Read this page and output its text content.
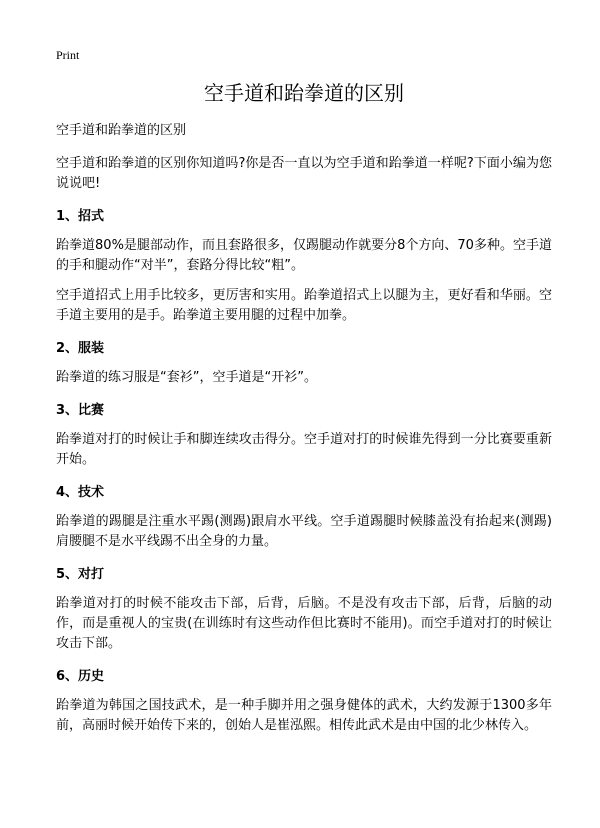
Print
空手道和跆拳道的区别
空手道和跆拳道的区别

空手道和跆拳道的区别你知道吗?你是否一直以为空手道和跆拳道一样呢?下面小编为您说说吧!

1、招式

跆拳道80%是腿部动作，而且套路很多，仅踢腿动作就要分8个方向、70多种。空手道的手和腿动作“对半”，套路分得比较“粗”。

空手道招式上用手比较多，更厉害和实用。跆拳道招式上以腿为主，更好看和华丽。空手道主要用的是手。跆拳道主要用腿的过程中加拳。

2、服装

跆拳道的练习服是“套衫”，空手道是“开衫”。

3、比赛

跆拳道对打的时候让手和脚连续攻击得分。空手道对打的时候谁先得到一分比赛要重新开始。

4、技术

跆拳道的踢腿是注重水平踢(测踢)跟肩水平线。空手道踢腿时候膝盖没有抬起来(测踢)肩腰腿不是水平线踢不出全身的力量。

5、对打

跆拳道对打的时候不能攻击下部，后背，后脑。不是没有攻击下部，后背，后脑的动作，而是重视人的宝贵(在训练时有这些动作但比赛时不能用)。而空手道对打的时候让攻击下部。

6、历史

跆拳道为韩国之国技武术，是一种手脚并用之强身健体的武术，大约发源于1300多年前，高丽时候开始传下来的，创始人是崔泓熙。相传此武术是由中国的北少林传入。
